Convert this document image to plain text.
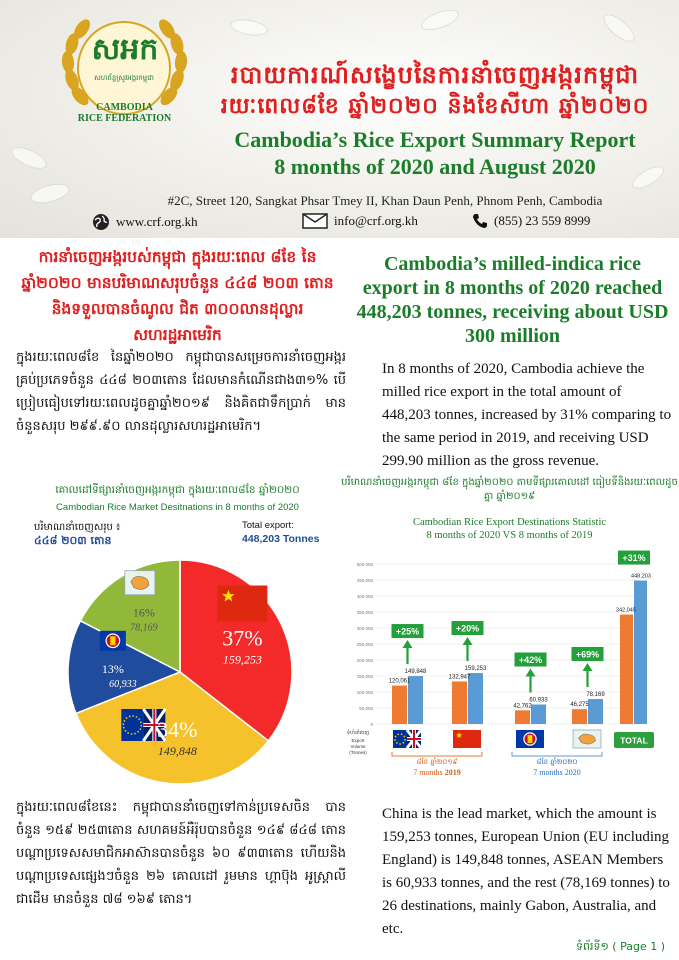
សអក
សហព័ន្ធស្រូវអង្ករកម្ពុជា
CAMBODIA
RICE FEDERATION
របាយការណ៍សង្ខេបនៃការនាំចេញអង្ករកម្ពុជា
រយៈពេល៨ខែ ឆ្នាំ២០២០ និងខែសីហា ឆ្នាំ២០២០
Cambodia’s Rice Export Summary Report
8 months of 2020 and August 2020
#2C, Street 120, Sangkat Phsar Tmey II, Khan Daun Penh, Phnom Penh, Cambodia
www.crf.org.kh	info@crf.org.kh	(855) 23 559 8999
ការនាំចេញអង្ករបស់កម្ពុជា ក្នុងរយៈពេល ៨ខែ នៃឆ្នាំ២០២០ មានបរិមាណសរុបចំនួន ៤៤៨ ២០៣ តោន និងទទួលបានចំណូល ជិត ៣០០លានដុល្លារសហរដ្ឋអាមេរិក
Cambodia’s milled-indica rice export in 8 months of 2020 reached 448,203 tonnes, receiving about USD 300 million
ក្នុងរយៈពេល៨ខែ នៃឆ្នាំ២០២០ កម្ពុជាបានសម្រេចការនាំចេញអង្ករគ្រប់ប្រភេទចំនួន ៤៤៨ ២០៣តោន ដែលមានកំណើនជាង៣១% បើប្រៀបធៀបទៅរយៈពេលដូចគ្នាឆ្នាំ២០១៩ និងគិតជាទឹកប្រាក់ មានចំនួនសរុប ២៩៩.៩០ លានដុល្លារសហរដ្ឋអាមេរិក។
In 8 months of 2020, Cambodia achieve the milled rice export in the total amount of 448,203 tonnes, increased by 31% comparing to the same period in 2019, and receiving USD 299.90 million as the gross revenue.
គោលដៅទីផ្សារនាំចេញអង្ករកម្ពុជា ក្នុងរយៈពេល៨ខែ ឆ្នាំ២០២០
Cambodian Rice Market Desitnations in 8 months of 2020
បរិមាណនាំចេញសរុប ៖
៤៤៨ ២០៣ តោន
Total export:
448,203 Tonnes
37%
159,253
34%
149,848
13%
60,933
16%
78,169
បរិមាណនាំចេញអង្ករកម្ពុជា ៨ខែ ក្នុងឆ្នាំ២០២០ តាមទីផ្សារគោលដៅ ធៀបទីនិងរយៈពេលដូចគ្នា ឆ្នាំ២០១៩
Cambodian Rice Export Destinations Statistic
8 months of 2020 VS 8 months of 2019
0
50,000
100,000
150,000
200,000
250,000
300,000
350,000
400,000
450,000
500,000
120,061
149,848
+25%
132,947
159,253
+20%
42,762
60,933
+42%
46,275
78,169
+69%
342,045
448,203
+31%
TOTAL
ទំហំនាំចេញ
Export
Volume
(Tonnes)
៨ខែ ឆ្នាំ២០១៩
7 months 2019
៨ខែ ឆ្នាំ២០២០
7 months 2020
ក្នុងរយៈពេល៨ខែនេះ កម្ពុជាបាននាំចេញទៅកាន់ប្រទេសចិន បានចំនួន ១៥៩ ២៥៣តោន សហគមន៍អឺរ៉ុបបានចំនួន ១៤៩ ៨៤៨ តោន បណ្តាប្រទេសសមាជិកអាស៊ានបានចំនួន ៦០ ៩៣៣តោន ហើយនិងបណ្តាប្រទេសផ្សេងៗចំនួន ២៦ គោលដៅ រួមមាន ហ្គាប៊ុង អូស្ត្រាលី ជាដើម មានចំនួន ៧៨ ១៦៩ តោន។
China is the lead market, which the amount is 159,253 tonnes, European Union (EU including England) is 149,848 tonnes, ASEAN Members is 60,933 tonnes, and the rest (78,169 tonnes) to 26 destinations, mainly Gabon, Australia, and etc.
ទំព័រទី១ ( Page 1 )
